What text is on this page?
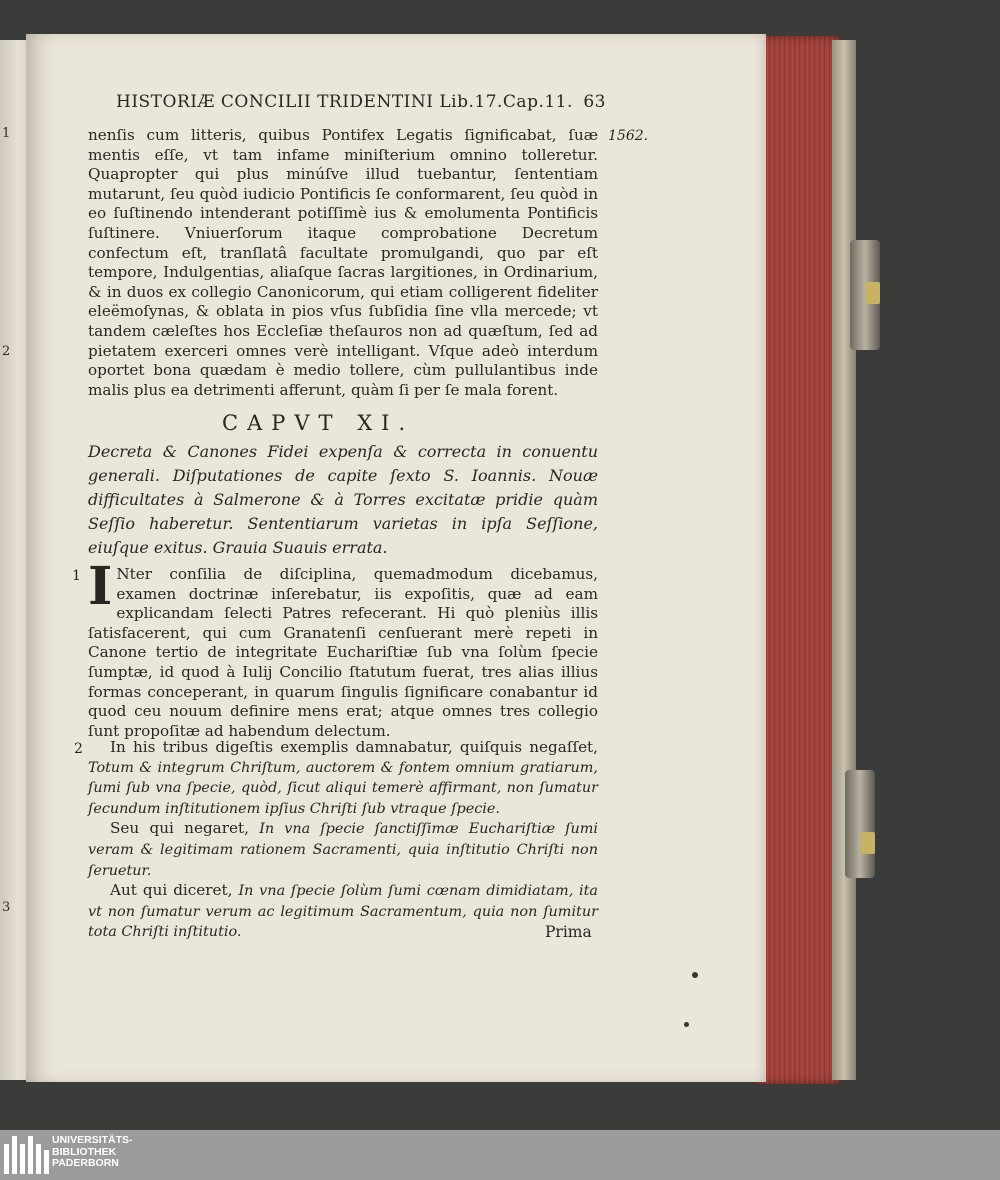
1
2
3
HISTORIÆ CONCILII TRIDENTINI Lib.17.Cap.11. 63
1562.
nenſis cum litteris, quibus Pontifex Legatis ſignificabat, ſuæ mentis eſſe, vt tam infame miniſterium omnino tolleretur. Quapropter qui plus minúſve illud tuebantur, ſententiam mutarunt, ſeu quòd iudicio Pontificis ſe conformarent, ſeu quòd in eo ſuſtinendo intenderant potiſſimè ius & emolumenta Pontificis ſuſtinere. Vniuerſorum itaque comprobatione Decretum confectum eſt, tranſlatâ facultate promulgandi, quo par eſt tempore, Indulgentias, aliaſque ſacras largitiones, in Ordinarium, & in duos ex collegio Canonicorum, qui etiam colligerent fideliter eleëmoſynas, & oblata in pios vſus ſubſidia ſine vlla mercede; vt tandem cæleſtes hos Eccleſiæ theſauros non ad quæſtum, ſed ad pietatem exerceri omnes verè intelligant. Vſque adeò interdum oportet bona quædam è medio tollere, cùm pullulantibus inde malis plus ea detrimenti afferunt, quàm ſi per ſe mala forent.
CAPVT XI.
Decreta & Canones Fidei expenſa & correcta in conuentu generali. Diſputationes de capite ſexto S. Ioannis. Nouæ difficultates à Salmerone & à Torres excitatæ pridie quàm Seſſio haberetur. Sententiarum varietas in ipſa Seſſione, eiuſque exitus. Grauia Suauis errata.
1 I Nter conſilia de diſciplina, quemadmodum dicebamus, examen doctrinæ inſerebatur, iis expoſitis, quæ ad eam explicandam ſelecti Patres refecerant. Hi quò pleniùs illis ſatisfacerent, qui cum Granatenſi cenſuerant merè repeti in Canone tertio de integritate Euchariſtiæ ſub vna ſolùm ſpecie ſumptæ, id quod à Iulij Concilio ſtatutum fuerat, tres alias illius formas conceperant, in quarum ſingulis ſignificare conabantur id quod ceu nouum definire mens erat; atque omnes tres collegio ſunt propoſitæ ad habendum delectum.
2	In his tribus digeſtis exemplis damnabatur, quiſquis negaſſet, Totum & integrum Chriſtum, auctorem & fontem omnium gratiarum, ſumi ſub vna ſpecie, quòd, ſicut aliqui temerè affirmant, non ſumatur ſecundum inſtitutionem ipſius Chriſti ſub vtraque ſpecie.
Seu qui negaret, In vna ſpecie ſanctiſſimæ Euchariſtiæ ſumi veram & legitimam rationem Sacramenti, quia inſtitutio Chriſti non ſeruetur.
Aut qui diceret, In vna ſpecie ſolùm ſumi cœnam dimidiatam, ita vt non ſumatur verum ac legitimum Sacramentum, quia non ſumitur tota Chriſti inſtitutio.	Prima
UNIVERSITÄTS-
BIBLIOTHEK
PADERBORN
